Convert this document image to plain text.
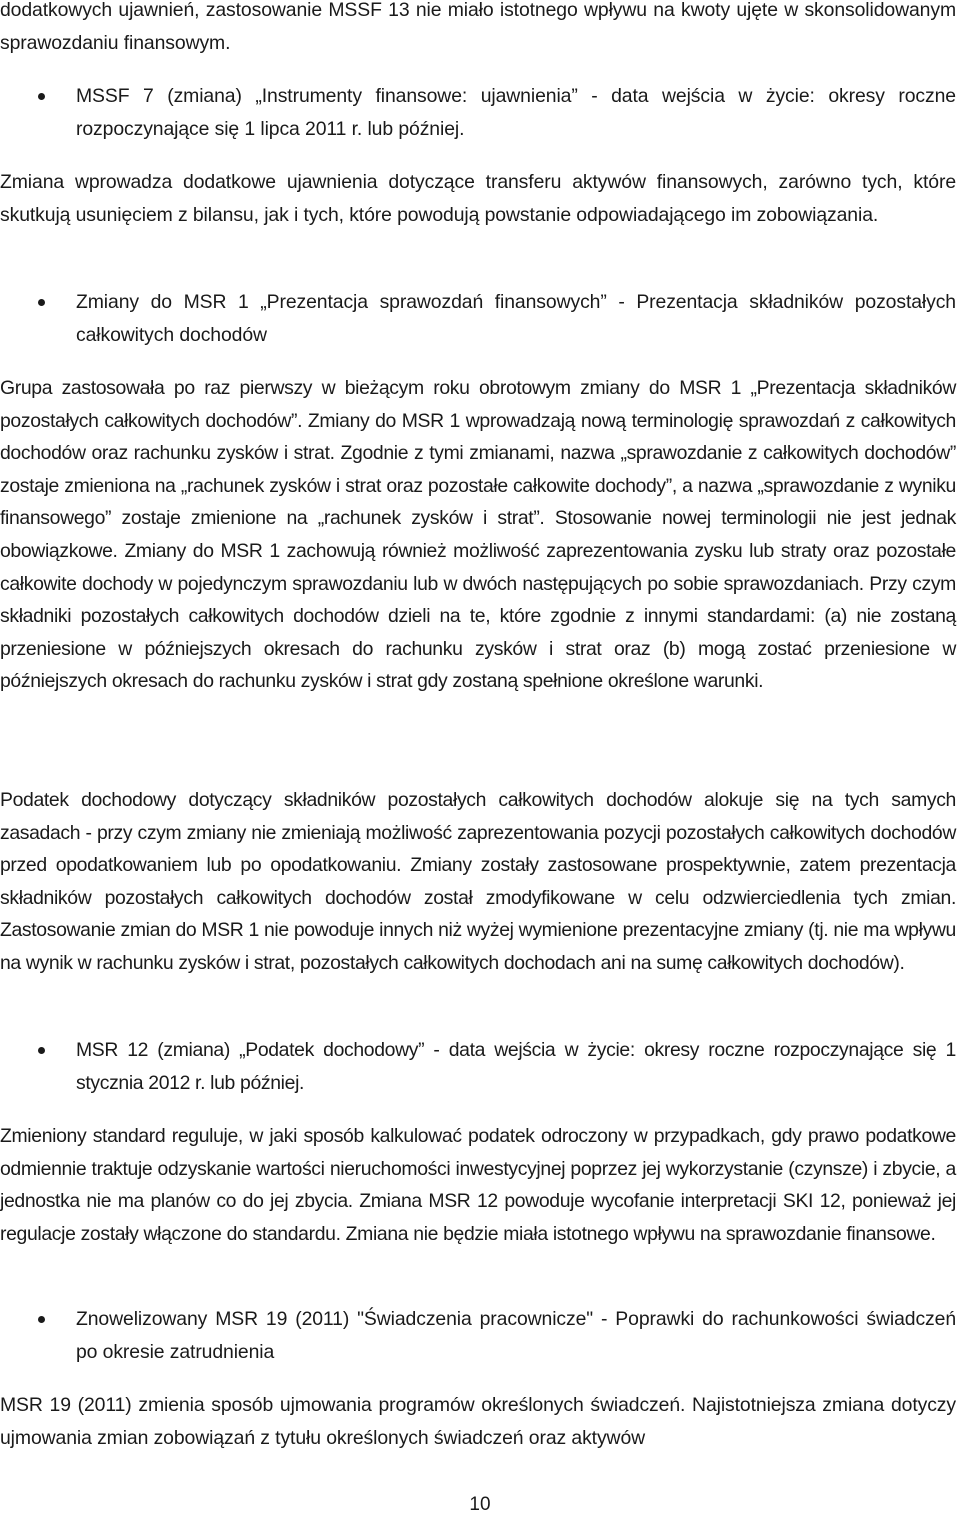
dodatkowych ujawnień, zastosowanie MSSF 13 nie miało istotnego wpływu na kwoty ujęte w skonsolidowanym sprawozdaniu finansowym.

MSSF 7 (zmiana) „Instrumenty finansowe: ujawnienia” - data wejścia w życie: okresy roczne rozpoczynające się 1 lipca 2011 r. lub później.

Zmiana wprowadza dodatkowe ujawnienia dotyczące transferu aktywów finansowych, zarówno tych, które skutkują usunięciem z bilansu, jak i tych, które powodują powstanie odpowiadającego im zobowiązania.

Zmiany do MSR 1 „Prezentacja sprawozdań finansowych” - Prezentacja składników pozostałych całkowitych dochodów

Grupa zastosowała po raz pierwszy w bieżącym roku obrotowym zmiany do MSR 1 „Prezentacja składników pozostałych całkowitych dochodów”. Zmiany do MSR 1 wprowadzają nową terminologię sprawozdań z całkowitych dochodów oraz rachunku zysków i strat. Zgodnie z tymi zmianami, nazwa „sprawozdanie z całkowitych dochodów” zostaje zmieniona na „rachunek zysków i strat oraz pozostałe całkowite dochody”, a nazwa „sprawozdanie z wyniku finansowego” zostaje zmienione na „rachunek zysków i strat”. Stosowanie nowej terminologii nie jest jednak obowiązkowe. Zmiany do MSR 1 zachowują również możliwość zaprezentowania zysku lub straty oraz pozostałe całkowite dochody w pojedynczym sprawozdaniu lub w dwóch następujących po sobie sprawozdaniach. Przy czym składniki pozostałych całkowitych dochodów dzieli na te, które zgodnie z innymi standardami: (a) nie zostaną przeniesione w późniejszych okresach do rachunku zysków i strat oraz (b) mogą zostać przeniesione w późniejszych okresach do rachunku zysków i strat gdy zostaną spełnione określone warunki.

Podatek dochodowy dotyczący składników pozostałych całkowitych dochodów alokuje się na tych samych zasadach - przy czym zmiany nie zmieniają możliwość zaprezentowania pozycji pozostałych całkowitych dochodów przed opodatkowaniem lub po opodatkowaniu. Zmiany zostały zastosowane prospektywnie, zatem prezentacja składników pozostałych całkowitych dochodów został zmodyfikowane w celu odzwierciedlenia tych zmian. Zastosowanie zmian do MSR 1 nie powoduje innych niż wyżej wymienione prezentacyjne zmiany (tj. nie ma wpływu na wynik w rachunku zysków i strat, pozostałych całkowitych dochodach ani na sumę całkowitych dochodów).

MSR 12 (zmiana) „Podatek dochodowy” - data wejścia w życie: okresy roczne rozpoczynające się 1 stycznia 2012 r. lub później.

Zmieniony standard reguluje, w jaki sposób kalkulować podatek odroczony w przypadkach, gdy prawo podatkowe odmiennie traktuje odzyskanie wartości nieruchomości inwestycyjnej poprzez jej wykorzystanie (czynsze) i zbycie, a jednostka nie ma planów co do jej zbycia. Zmiana MSR 12 powoduje wycofanie interpretacji SKI 12, ponieważ jej regulacje zostały włączone do standardu. Zmiana nie będzie miała istotnego wpływu na sprawozdanie finansowe.

Znowelizowany MSR 19 (2011) "Świadczenia pracownicze" - Poprawki do rachunkowości świadczeń po okresie zatrudnienia

MSR 19 (2011) zmienia sposób ujmowania programów określonych świadczeń. Najistotniejsza zmiana dotyczy ujmowania zmian zobowiązań z tytułu określonych świadczeń oraz aktywów

10
